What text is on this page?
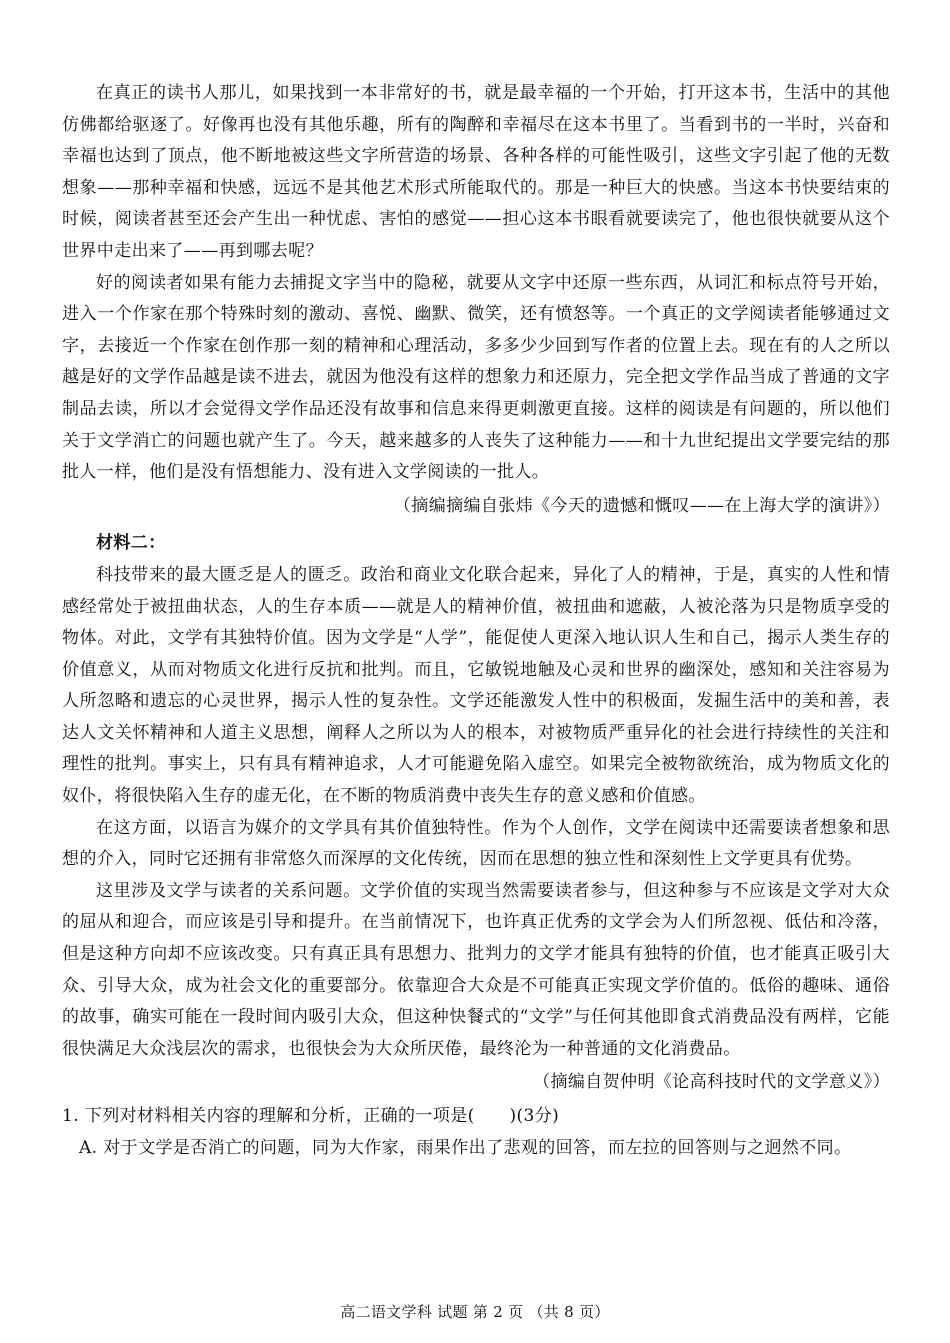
在真正的读书人那儿，如果找到一本非常好的书，就是最幸福的一个开始，打开这本书，生活中的其他仿佛都给驱逐了。好像再也没有其他乐趣，所有的陶醉和幸福尽在这本书里了。当看到书的一半时，兴奋和幸福也达到了顶点，他不断地被这些文字所营造的场景、各种各样的可能性吸引，这些文字引起了他的无数想象——那种幸福和快感，远远不是其他艺术形式所能取代的。那是一种巨大的快感。当这本书快要结束的时候，阅读者甚至还会产生出一种忧虑、害怕的感觉——担心这本书眼看就要读完了，他也很快就要从这个世界中走出来了——再到哪去呢？

好的阅读者如果有能力去捕捉文字当中的隐秘，就要从文字中还原一些东西，从词汇和标点符号开始，进入一个作家在那个特殊时刻的激动、喜悦、幽默、微笑，还有愤怒等。一个真正的文学阅读者能够通过文字，去接近一个作家在创作那一刻的精神和心理活动，多多少少回到写作者的位置上去。现在有的人之所以越是好的文学作品越是读不进去，就因为他没有这样的想象力和还原力，完全把文学作品当成了普通的文字制品去读，所以才会觉得文学作品还没有故事和信息来得更刺激更直接。这样的阅读是有问题的，所以他们关于文学消亡的问题也就产生了。今天，越来越多的人丧失了这种能力——和十九世纪提出文学要完结的那批人一样，他们是没有悟想能力、没有进入文学阅读的一批人。

（摘编摘编自张炜《今天的遗憾和慨叹——在上海大学的演讲》）

材料二：

科技带来的最大匮乏是人的匮乏。政治和商业文化联合起来，异化了人的精神，于是，真实的人性和情感经常处于被扭曲状态，人的生存本质——就是人的精神价值，被扭曲和遮蔽，人被沦落为只是物质享受的物体。对此，文学有其独特价值。因为文学是“人学”，能促使人更深入地认识人生和自己，揭示人类生存的价值意义，从而对物质文化进行反抗和批判。而且，它敏锐地触及心灵和世界的幽深处，感知和关注容易为人所忽略和遗忘的心灵世界，揭示人性的复杂性。文学还能激发人性中的积极面，发掘生活中的美和善，表达人文关怀精神和人道主义思想，阐释人之所以为人的根本，对被物质严重异化的社会进行持续性的关注和理性的批判。事实上，只有具有精神追求，人才可能避免陷入虚空。如果完全被物欲统治，成为物质文化的奴仆，将很快陷入生存的虚无化，在不断的物质消费中丧失生存的意义感和价值感。

在这方面，以语言为媒介的文学具有其价值独特性。作为个人创作，文学在阅读中还需要读者想象和思想的介入，同时它还拥有非常悠久而深厚的文化传统，因而在思想的独立性和深刻性上文学更具有优势。

这里涉及文学与读者的关系问题。文学价值的实现当然需要读者参与，但这种参与不应该是文学对大众的屈从和迎合，而应该是引导和提升。在当前情况下，也许真正优秀的文学会为人们所忽视、低估和冷落，但是这种方向却不应该改变。只有真正具有思想力、批判力的文学才能具有独特的价值，也才能真正吸引大众、引导大众，成为社会文化的重要部分。依靠迎合大众是不可能真正实现文学价值的。低俗的趣味、通俗的故事，确实可能在一段时间内吸引大众，但这种快餐式的“文学”与任何其他即食式消费品没有两样，它能很快满足大众浅层次的需求，也很快会为大众所厌倦，最终沦为一种普通的文化消费品。

（摘编自贺仲明《论高科技时代的文学意义》）

1. 下列对材料相关内容的理解和分析，正确的一项是(　　)(3分)

A. 对于文学是否消亡的问题，同为大作家，雨果作出了悲观的回答，而左拉的回答则与之迥然不同。

高二语文学科 试题 第 2 页 （共 8 页）
